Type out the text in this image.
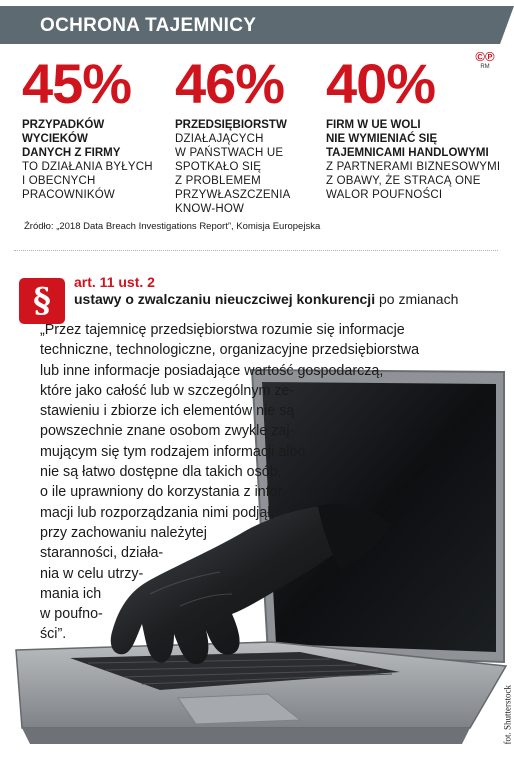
OCHRONA TAJEMNICY
©℗
RM
45%
PRZYPADKÓW
WYCIEKÓW
DANYCH Z FIRMY
TO DZIAŁANIA BYŁYCH
I OBECNYCH
PRACOWNIKÓW
46%
PRZEDSIĘBIORSTW
DZIAŁAJĄCYCH
W PAŃSTWACH UE
SPOTKAŁO SIĘ
Z PROBLEMEM
PRZYWŁASZCZENIA
KNOW-HOW
40%
FIRM W UE WOLI
NIE WYMIENIAĆ SIĘ
TAJEMNICAMI HANDLOWYMI
Z PARTNERAMI BIZNESOWYMI
Z OBAWY, ŻE STRACĄ ONE
WALOR POUFNOŚCI
Źródło: „2018 Data Breach Investigations Report”, Komisja Europejska
§	art. 11 ust. 2
ustawy o zwalczaniu nieuczciwej konkurencji po zmianach
„Przez tajemnicę przedsiębiorstwa rozumie się informacje
techniczne, technologiczne, organizacyjne przedsiębiorstwa
lub inne informacje posiadające wartość gospodarczą,
które jako całość lub w szczególnym ze-
stawieniu i zbiorze ich elementów nie są
powszechnie znane osobom zwykle zaj-
mującym się tym rodzajem informacji albo
nie są łatwo dostępne dla takich osób,
o ile uprawniony do korzystania z infor-
macji lub rozporządzania nimi podjął,
przy zachowaniu należytej
staranności, działa-
nia w celu utrzy-
mania ich
w poufno-
ści”.
fot. Shutterstock
